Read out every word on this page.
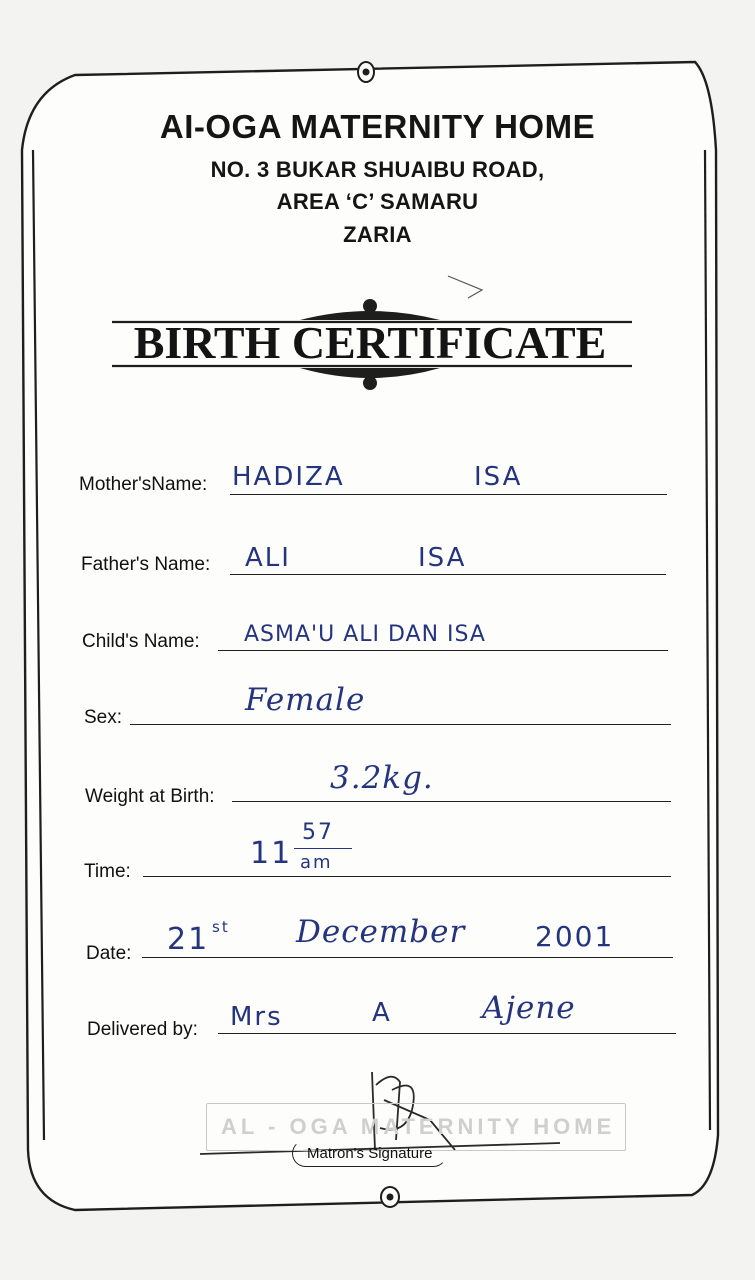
AI-OGA MATERNITY HOME
NO. 3 BUKAR SHUAIBU ROAD,
AREA ‘C’ SAMARU
ZARIA
BIRTH CERTIFICATE
Mother'sName: HADIZA	ISA
Father's Name: ALI	ISA
Child's Name: ASMA'U ALI DAN ISA
Sex:	Female
Weight at Birth:
3.2kg.
Time:
11
57
am
Date: 21 st December 2001
Delivered by: Mrs	A	Ajene
AL - OGA MATERNITY HOME
Matron's Signature
